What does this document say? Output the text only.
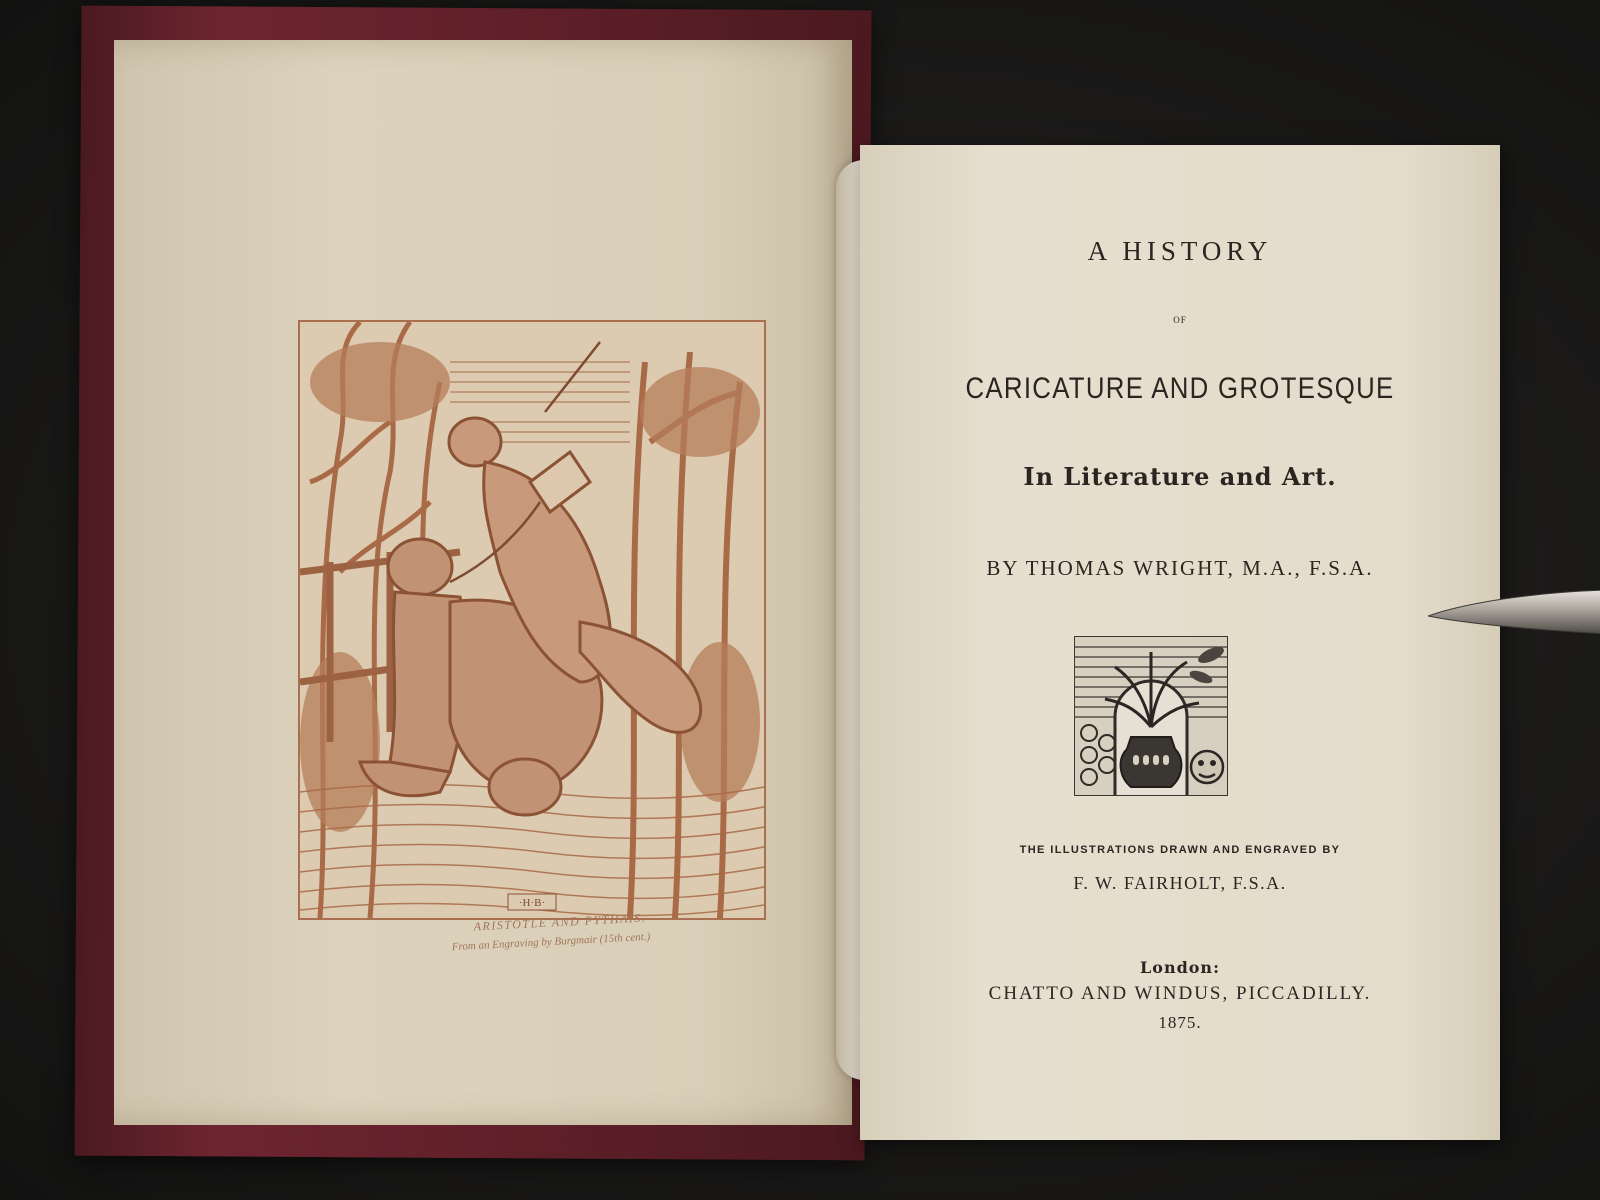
·H·B·
ARISTOTLE AND PYTHAIS.
From an Engraving by Burgmair (15th cent.)
A HISTORY
OF
CARICATURE AND GROTESQUE
In Literature and Art.
BY THOMAS WRIGHT, M.A., F.S.A.
THE ILLUSTRATIONS DRAWN AND ENGRAVED BY
F. W. FAIRHOLT, F.S.A.
London:
CHATTO AND WINDUS, PICCADILLY.
1875.
